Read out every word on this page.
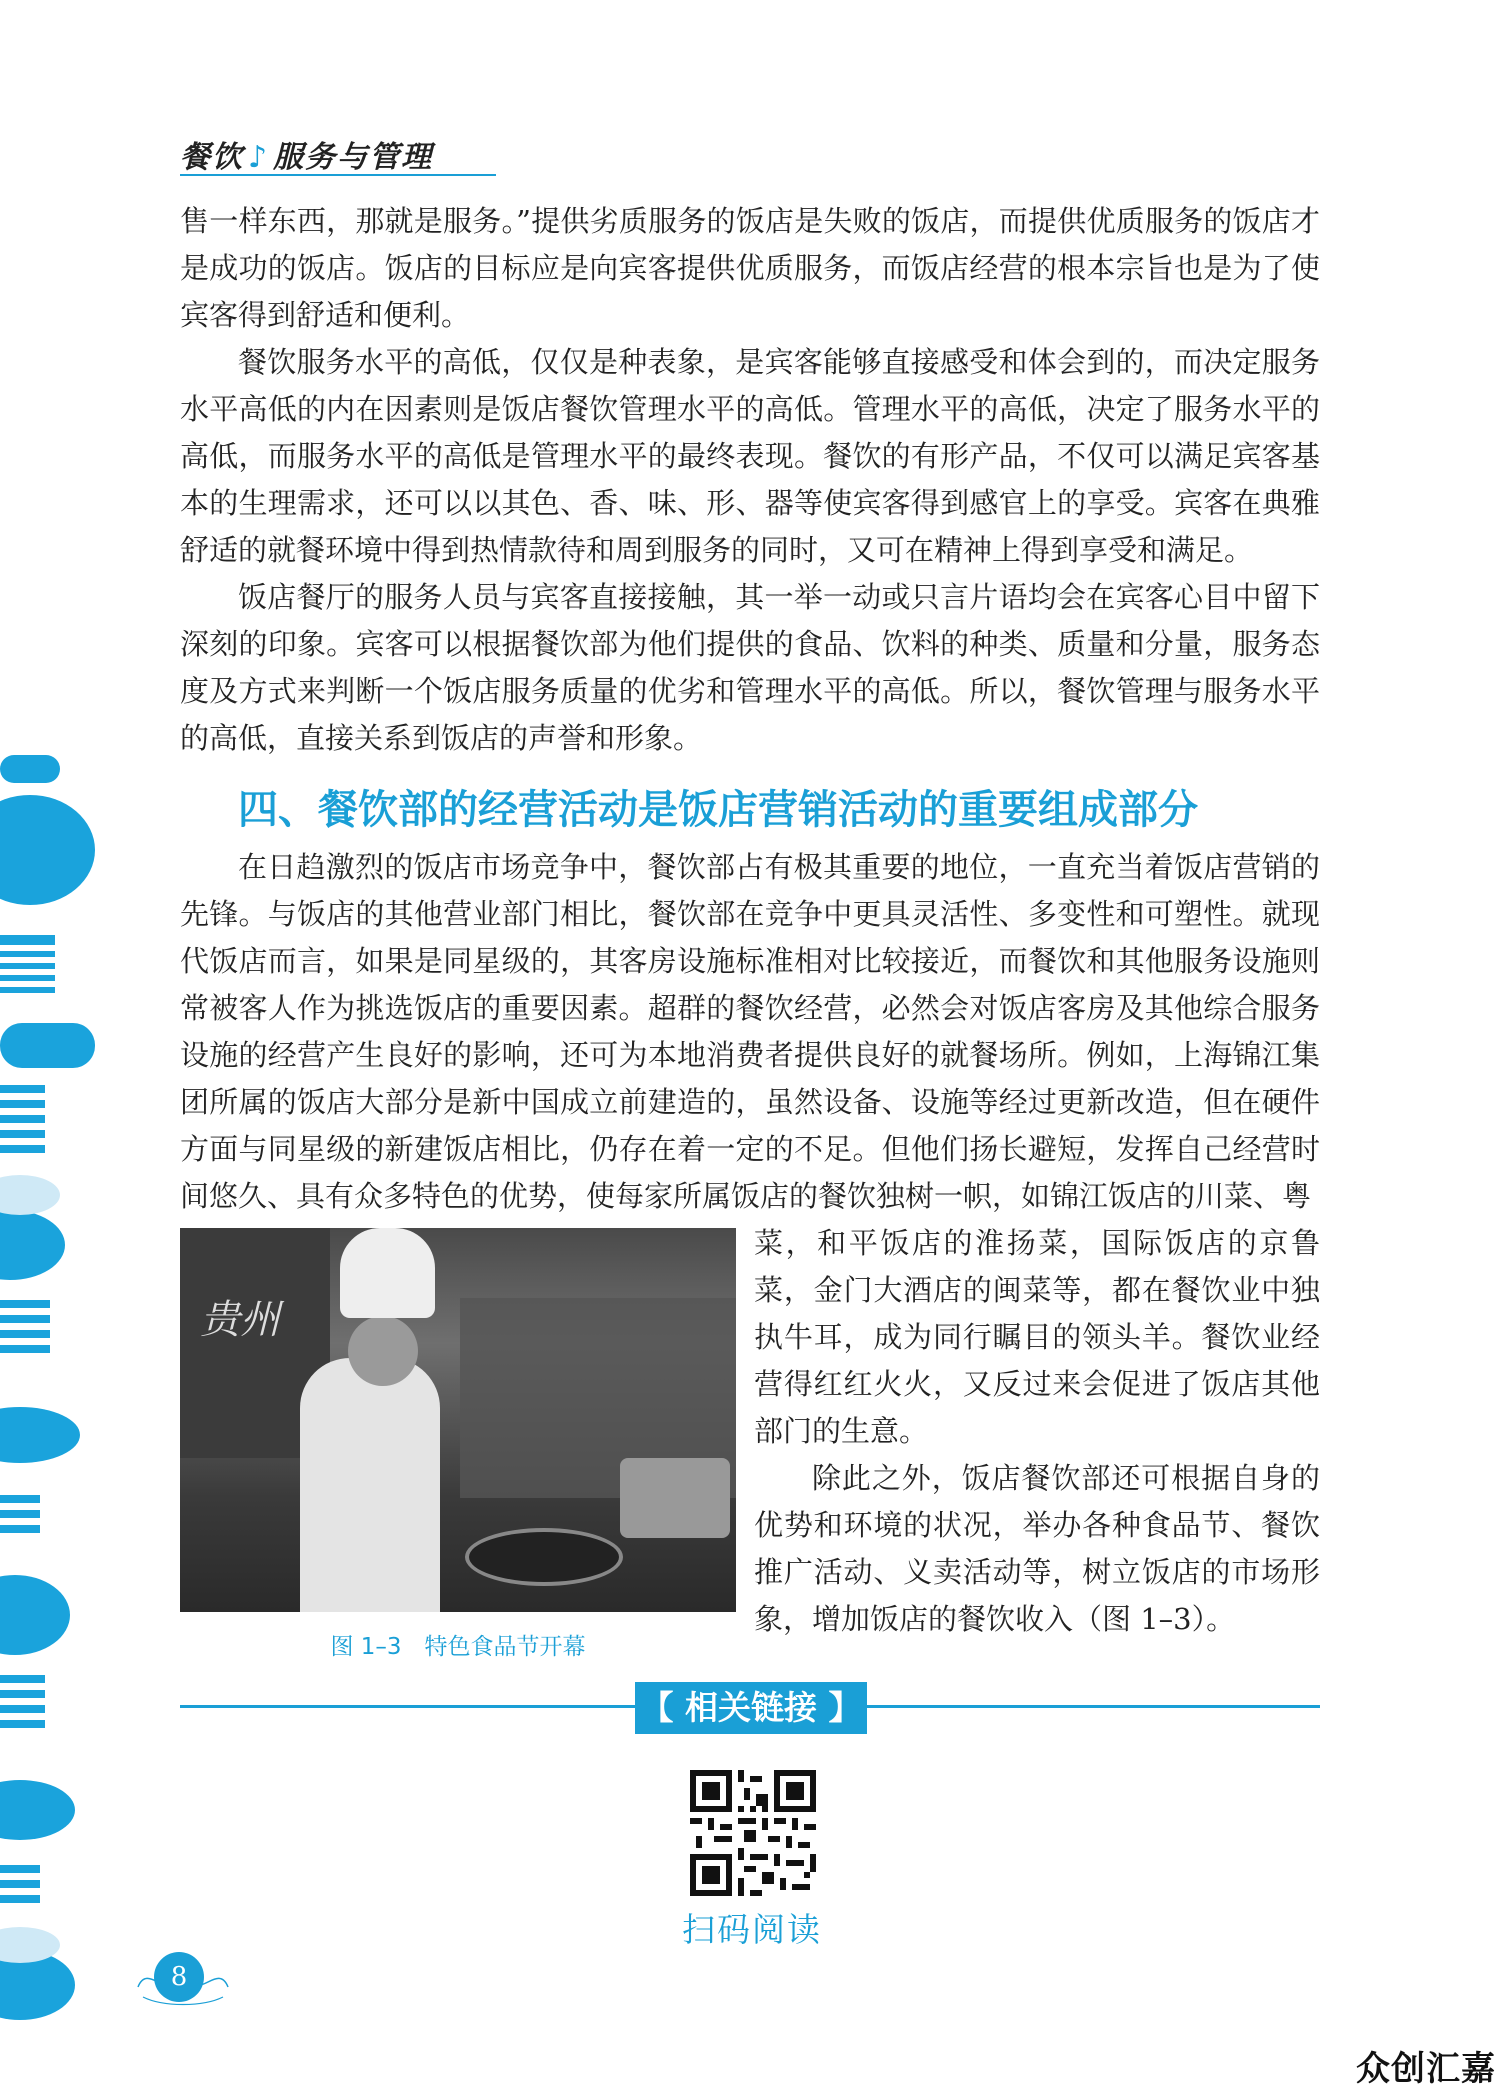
餐饮 ♪ 服务与管理

售一样东西，那就是服务。”提供劣质服务的饭店是失败的饭店，而提供优质服务的饭店才是成功的饭店。饭店的目标应是向宾客提供优质服务，而饭店经营的根本宗旨也是为了使宾客得到舒适和便利。

餐饮服务水平的高低，仅仅是种表象，是宾客能够直接感受和体会到的，而决定服务水平高低的内在因素则是饭店餐饮管理水平的高低。管理水平的高低，决定了服务水平的高低，而服务水平的高低是管理水平的最终表现。餐饮的有形产品，不仅可以满足宾客基本的生理需求，还可以以其色、香、味、形、器等使宾客得到感官上的享受。宾客在典雅舒适的就餐环境中得到热情款待和周到服务的同时，又可在精神上得到享受和满足。

饭店餐厅的服务人员与宾客直接接触，其一举一动或只言片语均会在宾客心目中留下深刻的印象。宾客可以根据餐饮部为他们提供的食品、饮料的种类、质量和分量，服务态度及方式来判断一个饭店服务质量的优劣和管理水平的高低。所以，餐饮管理与服务水平的高低，直接关系到饭店的声誉和形象。

四、餐饮部的经营活动是饭店营销活动的重要组成部分

在日趋激烈的饭店市场竞争中，餐饮部占有极其重要的地位，一直充当着饭店营销的先锋。与饭店的其他营业部门相比，餐饮部在竞争中更具灵活性、多变性和可塑性。就现代饭店而言，如果是同星级的，其客房设施标准相对比较接近，而餐饮和其他服务设施则常被客人作为挑选饭店的重要因素。超群的餐饮经营，必然会对饭店客房及其他综合服务设施的经营产生良好的影响，还可为本地消费者提供良好的就餐场所。例如，上海锦江集团所属的饭店大部分是新中国成立前建造的，虽然设备、设施等经过更新改造，但在硬件方面与同星级的新建饭店相比，仍存在着一定的不足。但他们扬长避短，发挥自己经营时间悠久、具有众多特色的优势，使每家所属饭店的餐饮独树一帜，如锦江饭店的川菜、粤

贵州
图 1–3　特色食品节开幕

菜，和平饭店的淮扬菜，国际饭店的京鲁菜，金门大酒店的闽菜等，都在餐饮业中独执牛耳，成为同行瞩目的领头羊。餐饮业经营得红红火火，又反过来会促进了饭店其他部门的生意。

除此之外，饭店餐饮部还可根据自身的优势和环境的状况，举办各种食品节、餐饮推广活动、义卖活动等，树立饭店的市场形象，增加饭店的餐饮收入（图 1–3）。

【 相关链接 】
扫码阅读
8
众创汇嘉
